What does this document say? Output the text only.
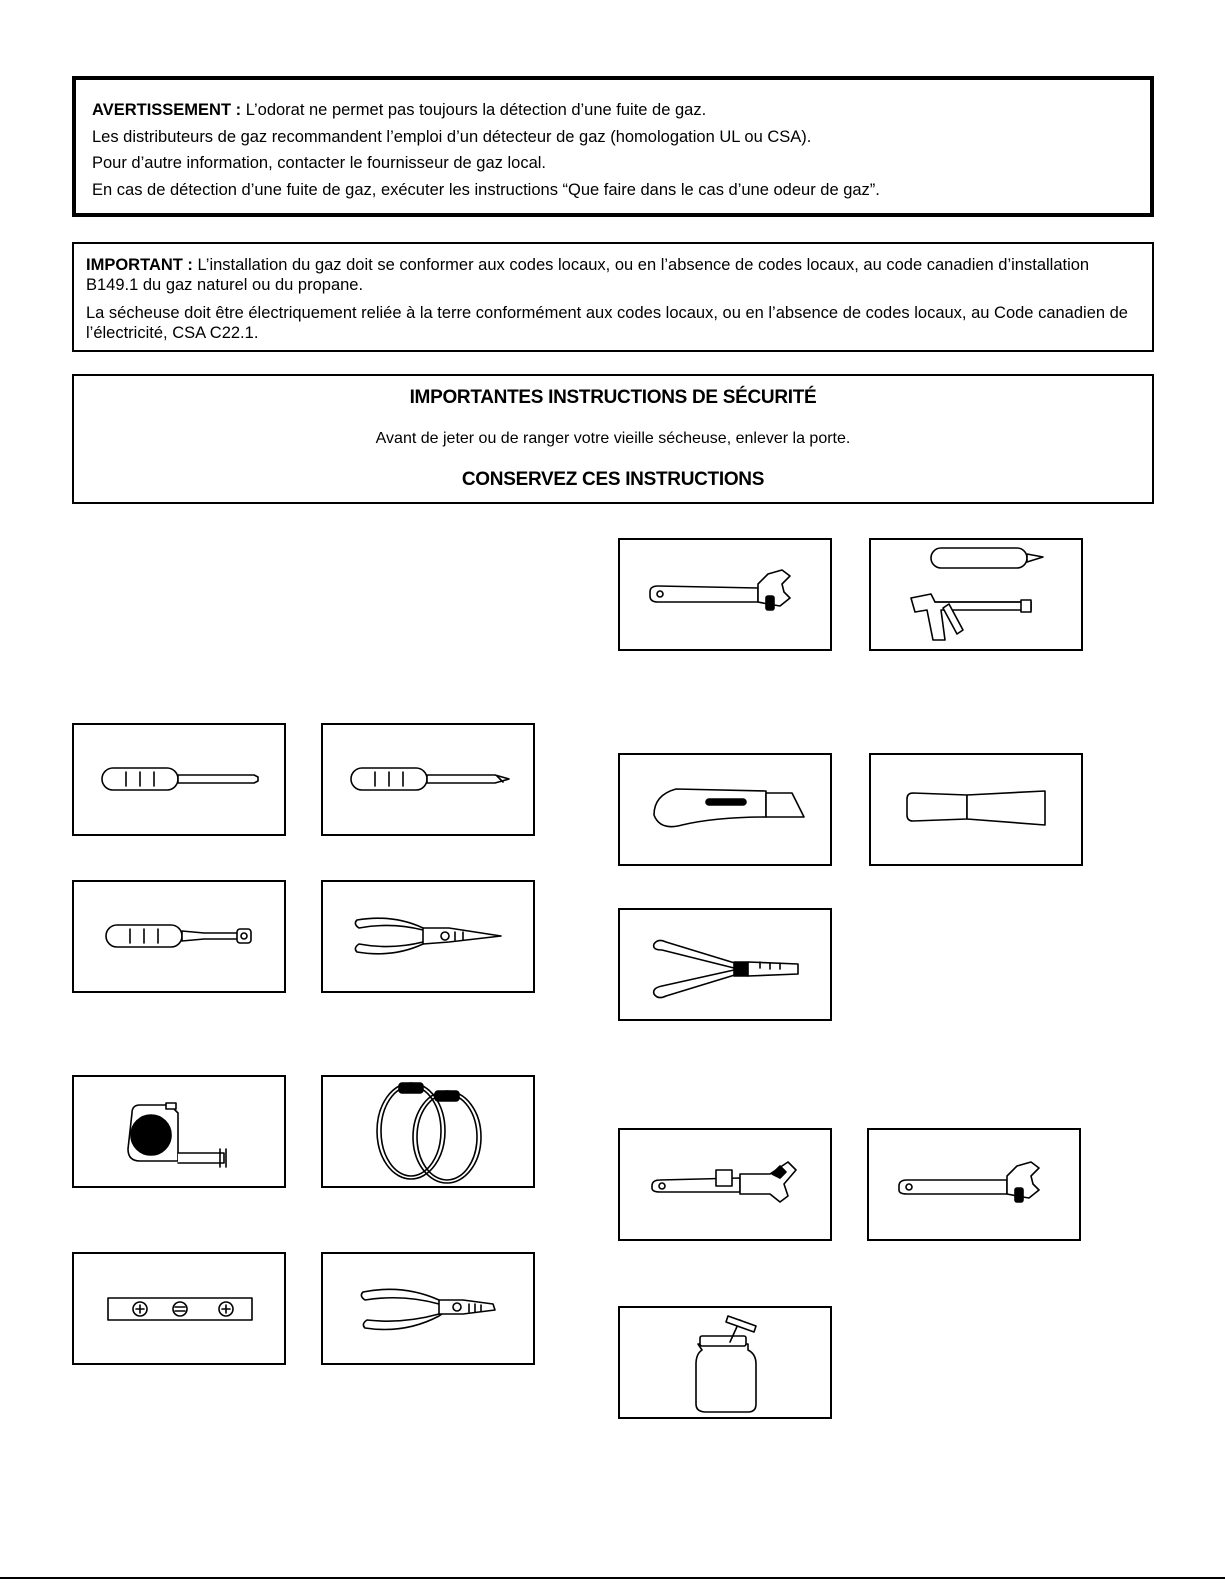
AVERTISSEMENT : L’odorat ne permet pas toujours la détection d’une fuite de gaz.
Les distributeurs de gaz recommandent l’emploi d’un détecteur de gaz (homologation UL ou CSA).
Pour d’autre information, contacter le fournisseur de gaz local.
En cas de détection d’une fuite de gaz, exécuter les instructions “Que faire dans le cas d’une odeur de gaz”.

IMPORTANT : L’installation du gaz doit se conformer aux codes locaux, ou en l’absence de codes locaux, au code canadien d’installation B149.1 du gaz naturel ou du propane.

La sécheuse doit être électriquement reliée à la terre conformément aux codes locaux, ou en l’absence de codes locaux, au Code canadien de l’électricité, CSA C22.1.

IMPORTANTES INSTRUCTIONS DE SÉCURITÉ
Avant de jeter ou de ranger votre vieille sécheuse, enlever la porte.
CONSERVEZ CES INSTRUCTIONS
